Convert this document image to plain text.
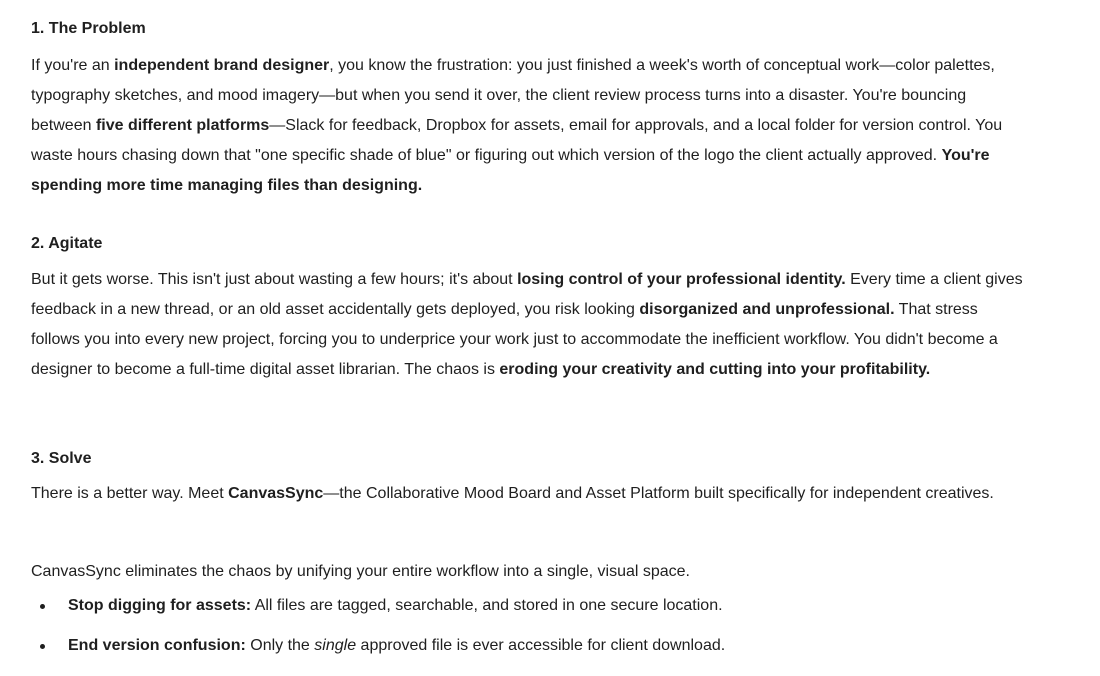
1. The Problem

If you're an independent brand designer, you know the frustration: you just finished a week's worth of conceptual work—color palettes, typography sketches, and mood imagery—but when you send it over, the client review process turns into a disaster. You're bouncing between five different platforms—Slack for feedback, Dropbox for assets, email for approvals, and a local folder for version control. You waste hours chasing down that "one specific shade of blue" or figuring out which version of the logo the client actually approved. You're spending more time managing files than designing.

2. Agitate

But it gets worse. This isn't just about wasting a few hours; it's about losing control of your professional identity. Every time a client gives feedback in a new thread, or an old asset accidentally gets deployed, you risk looking disorganized and unprofessional. That stress follows you into every new project, forcing you to underprice your work just to accommodate the inefficient workflow. You didn't become a designer to become a full-time digital asset librarian. The chaos is eroding your creativity and cutting into your profitability.

3. Solve

There is a better way. Meet CanvasSync—the Collaborative Mood Board and Asset Platform built specifically for independent creatives.

CanvasSync eliminates the chaos by unifying your entire workflow into a single, visual space.

Stop digging for assets: All files are tagged, searchable, and stored in one secure location.
End version confusion: Only the single approved file is ever accessible for client download.
